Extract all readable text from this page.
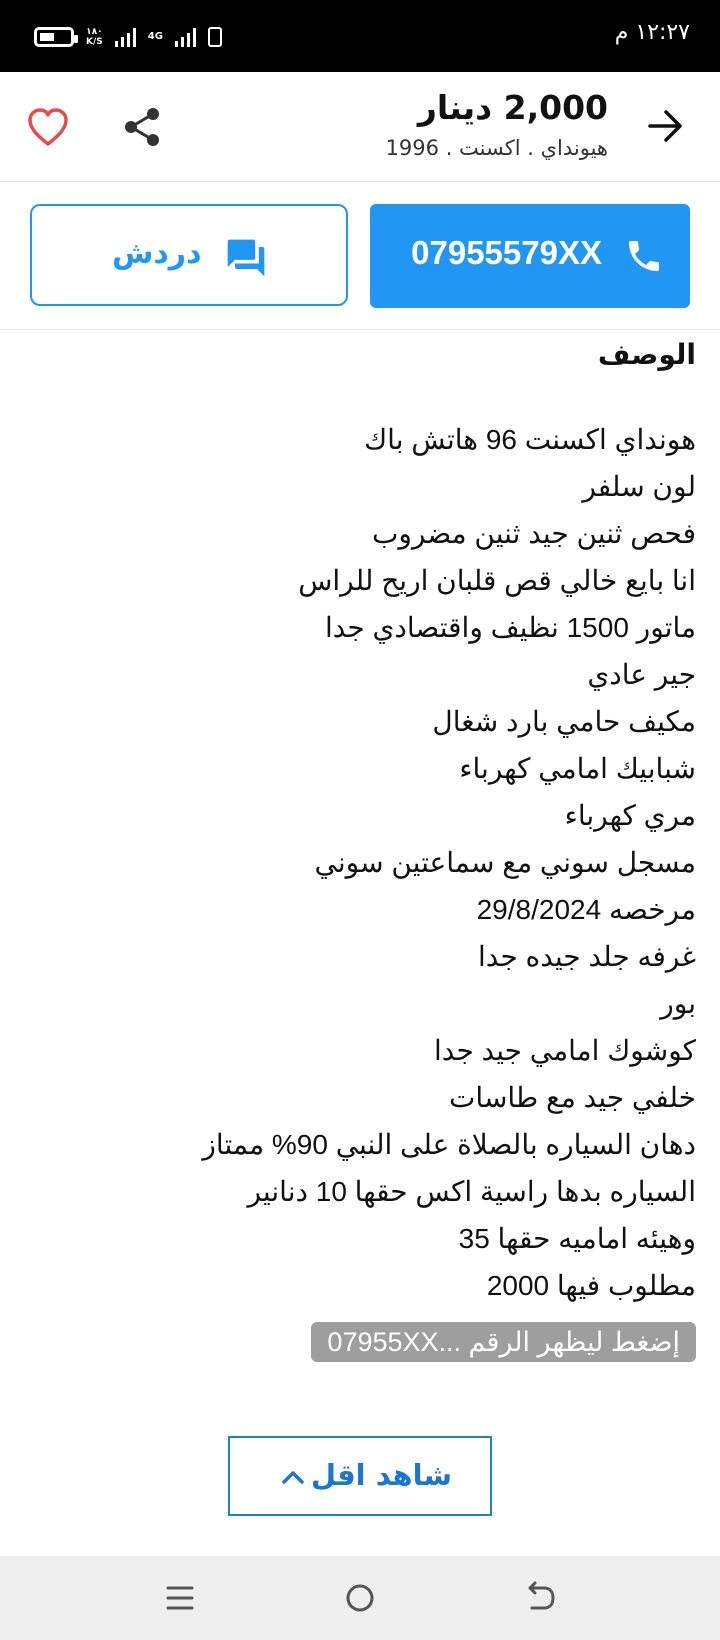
١٨٠
K/S	4G	١٢:٢٧ م
2,000 دينار
هيونداي . اكسنت . 1996
07955579XX
دردش
الوصف
هونداي اكسنت 96 هاتش باك
لون سلفر
فحص ثنين جيد ثنين مضروب
انا بايع خالي قص قلبان اريح للراس
ماتور 1500 نظيف واقتصادي جدا
جير عادي
مكيف حامي بارد شغال
شبابيك امامي كهرباء
مري كهرباء
مسجل سوني مع سماعتين سوني
مرخصه 29/8/2024
غرفه جلد جيده جدا
بور
كوشوك امامي جيد جدا
خلفي جيد مع طاسات
دهان السياره بالصلاة على النبي 90% ممتاز
السياره بدها راسية اكس حقها 10 دنانير
وهيئه اماميه حقها 35
مطلوب فيها 2000
إضغط ليظهر الرقم ...07955XX
شاهد اقل
